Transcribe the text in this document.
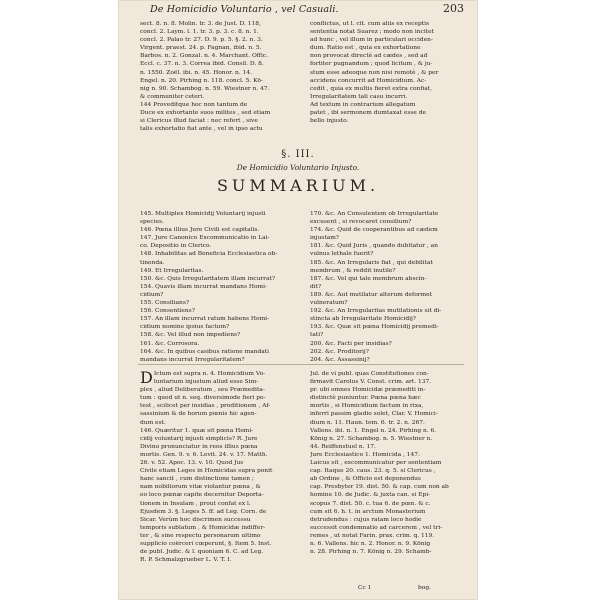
De Homicidio Voluntario , vel Casuali.	203
sect. 8. n. 8. Molin. tr. 3. de Just. D. 118,
concl. 2. Laym. l. 1. tr. 3. p. 3. c. 8. n. 1.
concl. 2. Palao tr. 27. D. 9. p. 5. §. 2. n. 3.
Virgent. praest. 24. p. Fagnan, ibid. n. 5.
Barbos. n. 2. Gonzal. n. 4. Marchant. Offic.
Eccl. c. 37. n. 3. Correa ibid. Consil. D. 8.
n. 1550. Zoël. ibi. n. 45. Honor. n. 14.
Engel. n. 20. Pirhing n. 118. concl. 5. Kö-
nig n. 90. Schambog. n. 59. Wiestner n. 47.
& communiter ceteri.
144 Proveditque hoc non tantum de
Duce ex exhortante suos milites , sed etiam
si Clericus illud faciat : nec refert , sive
talis exhortatio fiat ante , vel in ipso actu
conflictus, ut l. cit. cum aliis ex receptis
sententia notat Suarez ; modo non incitet
ad hunc , vel illum in particulari occiden-
dum. Ratio est , quia ex exhortatione
non provocat directè ad cædes , sed ad
fortiter pugnandum ; quod licitum , & ju-
stum esse adeoque non nisi remotè , & per
accidens concurrit ad Homicidium. Ac-
cedit , quia ex multis fieret extra confiat,
Irregularitatem tali casu incurri.
Ad textum in contrarium allegatum
patet , ibi sermonem dumtaxat esse de
bello injusto.
§. III.
De Homicidio Voluntario Injusto.
SUMMARIUM.
145. Multiplex Homicidij Voluntarij injusti
species.
146. Pœna illius Jure Civili est capitalis.
147. Jure Canonico Excommunicatio in Lai-
co. Depositio in Clerico.
148. Inhabilitas ad Beneficia Ecclesiastica ob-
tinenda.
149. Et Irregularitas.
150. &c. Quis Irregularitatem illam incurrat?
154. Quavis illam incurrat mandans Homi-
cidium?
155. Consilians?
156. Consentiens?
157. An illam incurrat ratum habens Homi-
cidium nomine ipsius factum?
158. &c. Vel illud non impediens?
161. &c. Corrosora.
164. &c. In quibus casibus ratione mandati
mandans incurrat Irregularitatem?
170. &c. An Consulentem ob Irregularitate
excusent , si revocaret consilium?
174. &c. Quid de cooperantibus ad cædem
injustam?
181. &c. Quid Juris , quando dubitatur , an
vulnus lethale fuerit?
185. &c. An Irregularis fiat , qui debilitat
membrum , & reddit inutile?
187. &c. Vel qui tale membrum abscin-
dit?
189. &c. Aut mutilatur alterum deformet
vulneratum?
192. &c. An Irregularitas mutilationis sit di-
stincta ab Irregularitate Homicidij?
193. &c. Quæ sit pœna Homicidij premedi-
tati?
200. &c. Facti per insidias?
202. &c. Proditorij?
204. &c. Assassinij?
D Ictum est supra n. 4. Homicidium Vo-
luntarium injustum aliud esse Sim-
plex , aliud Deliberatum , seu Præmedita-
tum : quod ut n. seq. diversimode fieri po-
test , scilicet per insidias , proditionem , Af-
sassinium & de horum pœnis hic agen-
dum est.
146. Quæritur 1. quæ sit pœna Homi-
cidij voluntarij injusti simplicis? R. Jure
Divino pronunciatur in reos illius pœna
mortis. Gen. 9. v. 6. Levit. 24. v. 17. Matth.
26. v. 52. Apoc. 13. v. 10. Quod Jus
Civile etiam Leges in Homicidas supra ponit
hanc sancit , cum distinctione tamen ;
nam nobiliorum vitæ violantur pœna , &
eo loco pœnæ capite decernitur Deporta-
tionem in Insulam , prout confat ex l.
Ejusdem 3. §. Leges 5. ff. ad Leg. Corn. de
Sicar. Verùm hoc discrimen successu
temporis sublatum , & Homicidæ indiffer-
ter , & sine respectu personarum ultimo
supplicio coërceri cœperunt, §. Item 5. Inst.
de publ. Judic. & l. quoniam 6. C. ad Leg.
R. P. Schmalzgrueber L. V. T. I.
Jul. de vi publ. quas Constitutiones con-
firmavit Carolus V. Const. crim. art. 137.
pr. ubi omnes Homicidæ præmediti in-
distinctè puniuntur. Pœna pœna hæc
mortis , si Homicidium factum in rixa,
inferri passim gladio solet, Clar. V. Homici-
dium n. 11. Haun. tom. 6. tr. 2. n. 267.
Vallens. ibi. n. 1. Engel n. 24. Pirhing n. 6.
König n. 27. Schambog. n. 5. Wiestner n.
44. Reiffenstuel n. 17.
Jure Ecclesiastico 1. Homicida , 147.
Laicus sit , excommunicatur per sententiam
cap. Itaque 20. caus. 23. q. 5. si Clericus ,
ab Ordine , & Officio est deponendus
cap. Presbyter 19. dist. 50. & cap. cum non ab
homine 10. de Judic. & juxta can. si Epi-
scopus 7. dist. 50. c. tua 6. de pœn. & c.
cum sit 6. h. t. in arctum Monasterium
detrudendus : cujus ratam loco hodie
successit condemnatio ad carcerem , vel tri-
remes , ut notat Farin. prax. crim. q. 119.
n. 6. Vallens. hic n. 2. Honor. n. 9. König
n. 28. Pirhing n. 7. König n. 29. Schamb-
Cc 1	bog.
